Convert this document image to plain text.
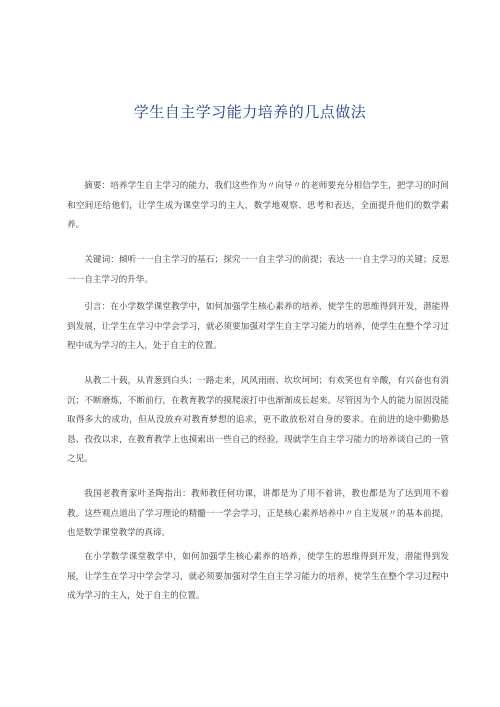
学生自主学习能力培养的几点做法

摘要：培养学生自主学习的能力，我们这些作为〃向导〃的老师要充分相信学生，把学习的时间和空间还给他们，让学生成为课堂学习的主人，数学地观察、思考和表达，全面提升他们的数学素养。

关键词：倾听一一自主学习的基石；探究一一自主学习的前提；表达一一自主学习的关键；反思一一自主学习的升华。

引言：在小学数学课堂教学中，如何加强学生核心素养的培养，使学生的思维得到开发，潜能得到发展，让学生在学习中学会学习，就必须要加强对学生自主学习能力的培养，使学生在整个学习过程中成为学习的主人，处于自主的位置。

从教二十载，从青葱到白头；一路走来，风风雨雨、坎坎坷坷；有欢笑也有辛酸，有兴奋也有消沉；不断磨炼，不断前行，在教育教学的摸爬滚打中也渐渐成长起来。尽管因为个人的能力原因没能取得多大的成功，但从没放弃对教育梦想的追求，更不敢放松对自身的要求。在前进的途中勤勤恳恳、孜孜以求，在教育教学上也摸索出一些自己的经验，现就学生自主学习能力的培养谈自己的一管之见。

我国老教育家叶圣陶指出：教师教任何功课，讲都是为了用不着讲，教也都是为了达到用不着教。这些观点道出了学习理论的精髓一一学会学习，正是核心素养培养中〃自主发展〃的基本前提，也是数学课堂教学的真谛。

在小学数学课堂教学中，如何加强学生核心素养的培养，使学生的思维得到开发，潜能得到发展，让学生在学习中学会学习，就必须要加强对学生自主学习能力的培养，使学生在整个学习过程中成为学习的主人，处于自主的位置。
